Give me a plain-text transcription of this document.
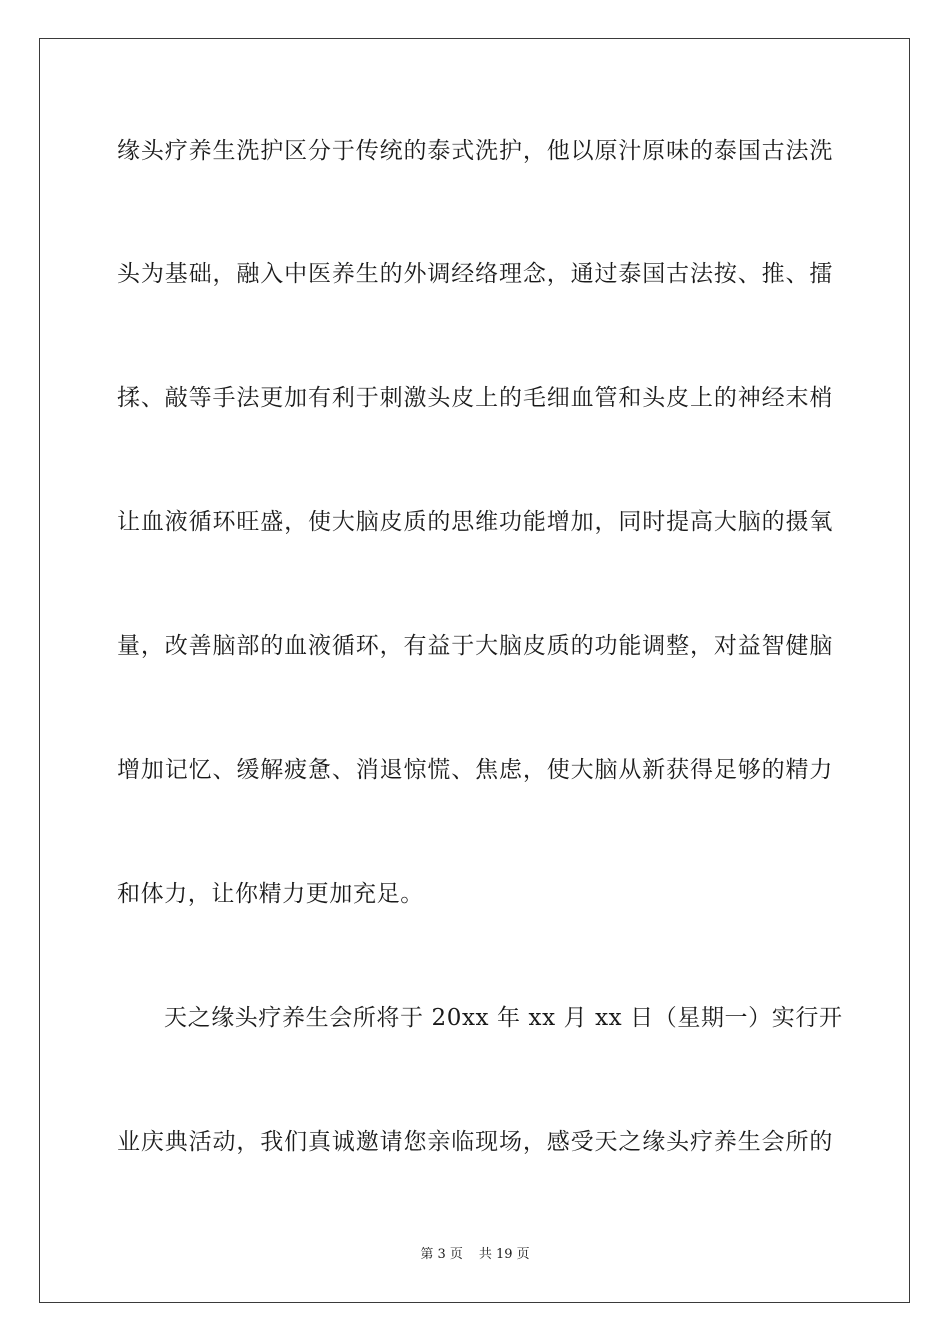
缘头疗养生洗护区分于传统的泰式洗护，他以原汁原味的泰国古法洗
头为基础，融入中医养生的外调经络理念，通过泰国古法按、推、擂
揉、敲等手法更加有利于刺激头皮上的毛细血管和头皮上的神经末梢
让血液循环旺盛，使大脑皮质的思维功能增加，同时提高大脑的摄氧
量，改善脑部的血液循环，有益于大脑皮质的功能调整，对益智健脑
增加记忆、缓解疲惫、消退惊慌、焦虑，使大脑从新获得足够的精力
和体力，让你精力更加充足。
天之缘头疗养生会所将于 20xx 年 xx 月 xx 日（星期一）实行开
业庆典活动，我们真诚邀请您亲临现场，感受天之缘头疗养生会所的
第 3 页 共 19 页
